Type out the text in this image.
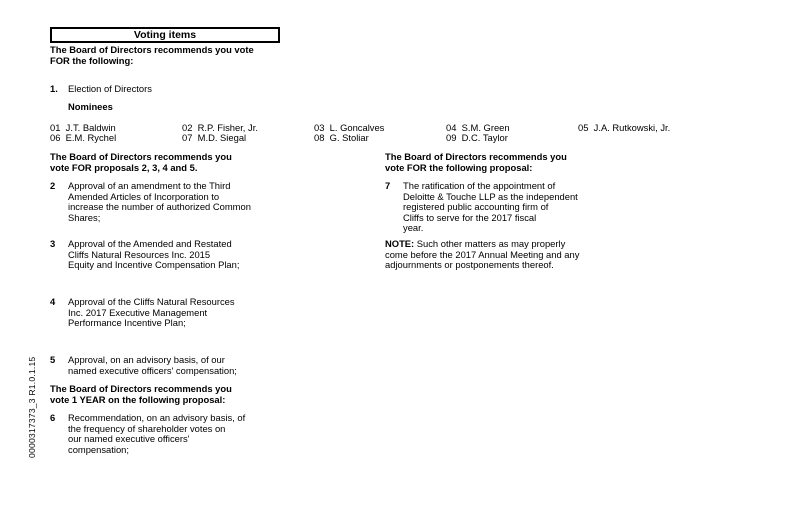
Voting items
The Board of Directors recommends you vote
FOR the following:
1.	Election of Directors
Nominees
01 J.T. Baldwin	02 R.P. Fisher, Jr.	03 L. Goncalves	04 S.M. Green	05 J.A. Rutkowski, Jr.
06 E.M. Rychel	07 M.D. Siegal	08 G. Stoliar	09 D.C. Taylor
The Board of Directors recommends you
vote FOR proposals 2, 3, 4 and 5.
2	Approval of an amendment to the Third
Amended Articles of Incorporation to
increase the number of authorized Common
Shares;
3	Approval of the Amended and Restated
Cliffs Natural Resources Inc. 2015
Equity and Incentive Compensation Plan;
4	Approval of the Cliffs Natural Resources
Inc. 2017 Executive Management
Performance Incentive Plan;
5	Approval, on an advisory basis, of our
named executive officers' compensation;
The Board of Directors recommends you
vote 1 YEAR on the following proposal:
6	Recommendation, on an advisory basis, of
the frequency of shareholder votes on
our named executive officers'
compensation;
The Board of Directors recommends you
vote FOR the following proposal:
7	The ratification of the appointment of
Deloitte & Touche LLP as the independent
registered public accounting firm of
Cliffs to serve for the 2017 fiscal
year.
NOTE: Such other matters as may properly
come before the 2017 Annual Meeting and any
adjournments or postponements thereof.
0000317373_3 R1.0.1.15
